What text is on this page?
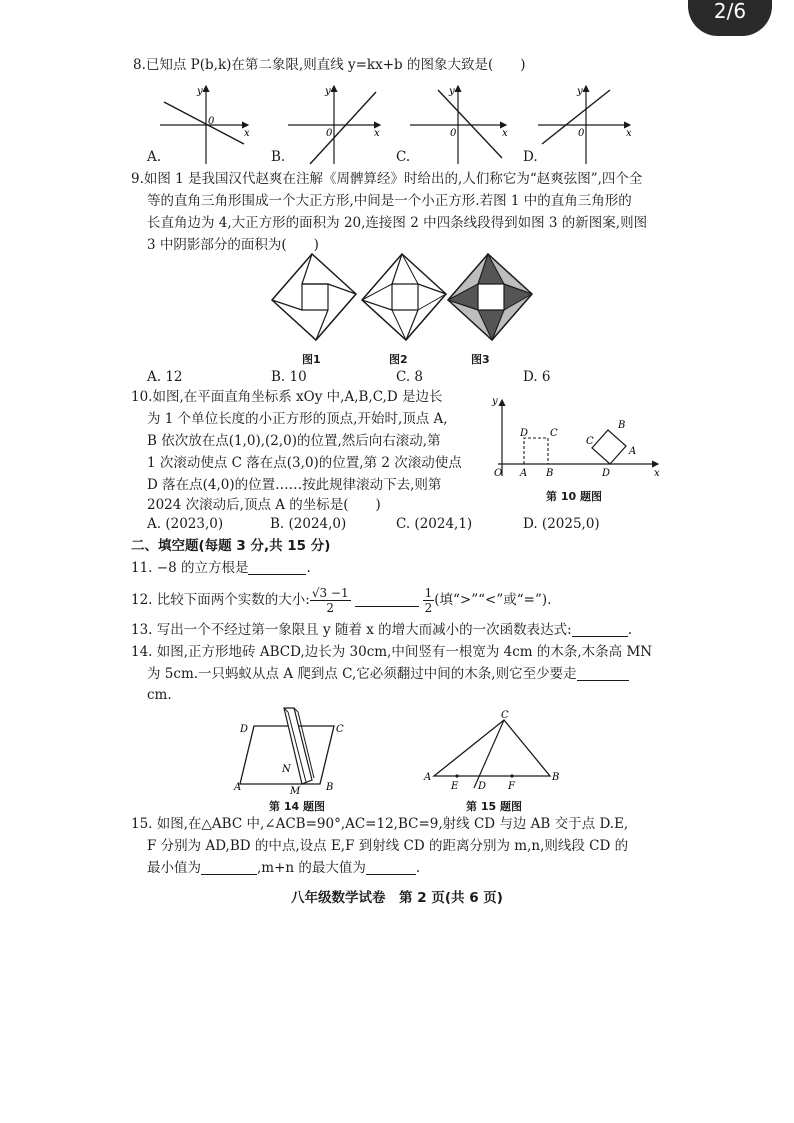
2/6
8.已知点 P(b,k)在第二象限,则直线 y=kx+b 的图象大致是(　　)
y
x
0
y
x
0
y
x
0
y
x
0
A.	B.	C.	D.
9.如图 1 是我国汉代赵爽在注解《周髀算经》时给出的,人们称它为“赵爽弦图”,四个全
等的直角三角形围成一个大正方形,中间是一个小正方形.若图 1 中的直角三角形的
长直角边为 4,大正方形的面积为 20,连接图 2 中四条线段得到如图 3 的新图案,则图
3 中阴影部分的面积为(　　)
图1	图2	图3
A. 12	B. 10	C. 8	D. 6
10.如图,在平面直角坐标系 xOy 中,A,B,C,D 是边长
为 1 个单位长度的小正方形的顶点,开始时,顶点 A,
B 依次放在点(1,0),(2,0)的位置,然后向右滚动,第
1 次滚动使点 C 落在点(3,0)的位置,第 2 次滚动使点
D 落在点(4,0)的位置……按此规律滚动下去,则第
2024 次滚动后,顶点 A 的坐标是(　　)
y
O	x
D C
A B
B
C
A
D
第 10 题图
A. (2023,0)	B. (2024,0)	C. (2024,1)	D. (2025,0)
二、填空题(每题 3 分,共 15 分)
11. −8 的立方根是	.
12. 比较下面两个实数的大小: $\frac{√3 -1}{2}$	$\frac{1}{2}$ (填“>”“<”或“=”).
13. 写出一个不经过第一象限且 y 随着 x 的增大而减小的一次函数表达式:	.
14. 如图,正方形地砖 ABCD,边长为 30cm,中间竖有一根宽为 4cm 的木条,木条高 MN
为 5cm.一只蚂蚁从点 A 爬到点 C,它必须翻过中间的木条,则它至少要走
cm.
D	C
A	B
N
M
第 14 题图
A	B
C
E D F
第 15 题图
15. 如图,在△ABC 中,∠ACB=90°,AC=12,BC=9,射线 CD 与边 AB 交于点 D.E,
F 分别为 AD,BD 的中点,设点 E,F 到射线 CD 的距离分别为 m,n,则线段 CD 的
最小值为	,m+n 的最大值为	.
八年级数学试卷　第 2 页(共 6 页)
